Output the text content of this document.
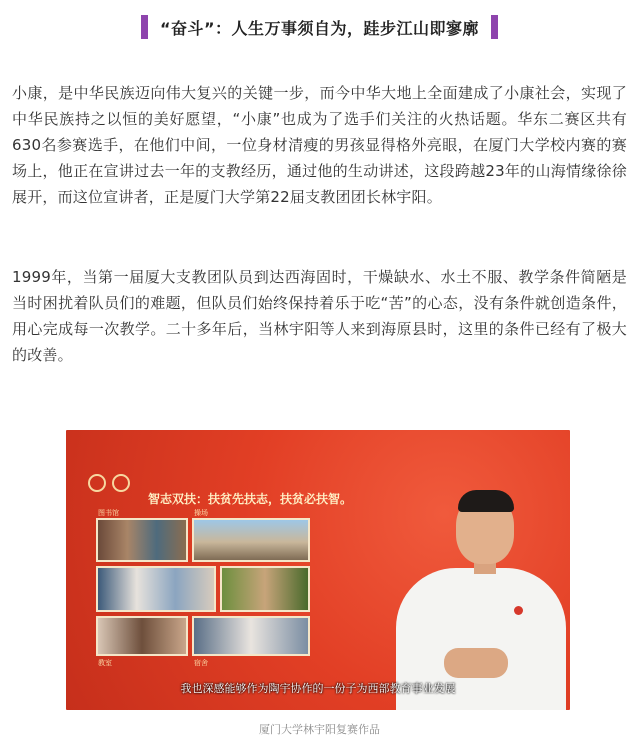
“奋斗”：人生万事须自为，跬步江山即寥廓

小康，是中华民族迈向伟大复兴的关键一步，而今中华大地上全面建成了小康社会，实现了中华民族持之以恒的美好愿望，“小康”也成为了选手们关注的火热话题。华东二赛区共有630名参赛选手，在他们中间，一位身材清瘦的男孩显得格外亮眼，在厦门大学校内赛的赛场上，他正在宣讲过去一年的支教经历，通过他的生动讲述，这段跨越23年的山海情缘徐徐展开，而这位宣讲者，正是厦门大学第22届支教团团长林宇阳。

1999年，当第一届厦大支教团队员到达西海固时，干燥缺水、水土不服、教学条件简陋是当时困扰着队员们的难题，但队员们始终保持着乐于吃“苦”的心态，没有条件就创造条件，用心完成每一次教学。二十多年后，当林宇阳等人来到海原县时，这里的条件已经有了极大的改善。

智志双扶：扶贫先扶志，扶贫必扶智。
图书馆	操场
教室	宿舍
我也深感能够作为陶宇协作的一份子为西部教育事业发展
厦门大学林宇阳复赛作品
